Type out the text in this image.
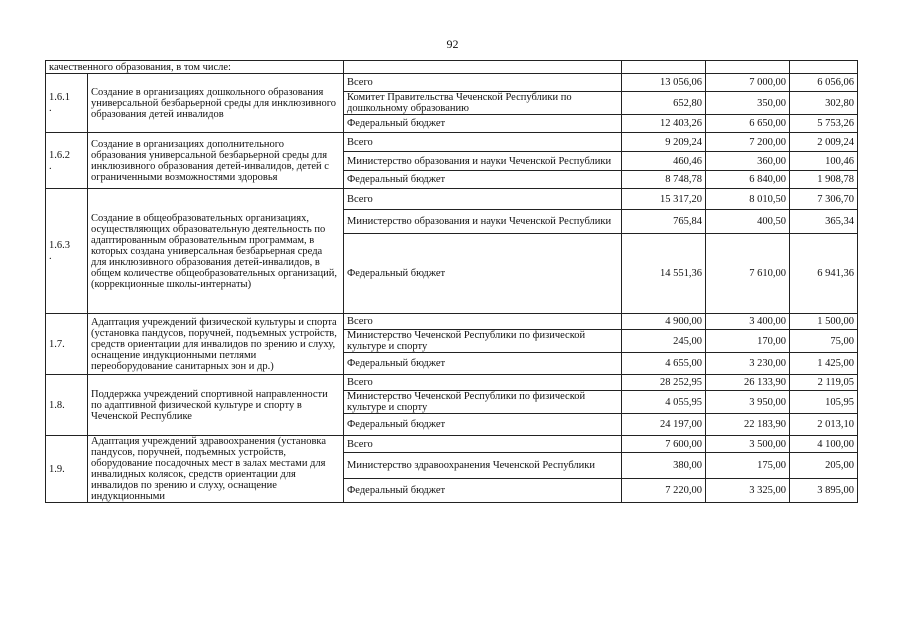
92
качественного образования, в том числе:					
1.6.1
.	Создание в организациях дошкольного образования универсальной безбарьерной среды для инклюзивного образования детей инвалидов	Всего	13 056,06	7 000,00	6 056,06
		Комитет Правительства Чеченской Республики по дошкольному образованию	652,80	350,00	302,80
		Федеральный бюджет	12 403,26	6 650,00	5 753,26
1.6.2
.	Создание в организациях дополнительного образования универсальной безбарьерной среды для инклюзивного образования детей-инвалидов, детей с ограниченными возможностями здоровья	Всего	9 209,24	7 200,00	2 009,24
		Министерство образования и науки Чеченской Республики	460,46	360,00	100,46
		Федеральный бюджет	8 748,78	6 840,00	1 908,78
1.6.3
.	Создание в общеобразовательных организациях, осуществляющих образовательную деятельность по адаптированным образовательным программам, в которых создана универсальная безбарьерная среда для инклюзивного образования детей-инвалидов, в общем количестве общеобразовательных организаций, (коррекционные школы-интернаты)	Всего	15 317,20	8 010,50	7 306,70
		Министерство образования и науки Чеченской Республики	765,84	400,50	365,34
		Федеральный бюджет	14 551,36	7 610,00	6 941,36
1.7.	Адаптация учреждений физической культуры и спорта (установка пандусов, поручней, подъемных устройств, средств ориентации для инвалидов по зрению и слуху, оснащение индукционными петлями переоборудование санитарных зон и др.)	Всего	4 900,00	3 400,00	1 500,00
		Министерство Чеченской Республики по физической культуре и спорту	245,00	170,00	75,00
		Федеральный бюджет	4 655,00	3 230,00	1 425,00
1.8.	Поддержка учреждений спортивной направленности по адаптивной физической культуре и спорту в Чеченской Республике	Всего	28 252,95	26 133,90	2 119,05
		Министерство Чеченской Республики по физической культуре и спорту	4 055,95	3 950,00	105,95
		Федеральный бюджет	24 197,00	22 183,90	2 013,10
1.9.	Адаптация учреждений здравоохранения (установка пандусов, поручней, подъемных устройств, оборудование посадочных мест в залах местами для инвалидных колясок, средств ориентации для инвалидов по зрению и слуху, оснащение индукционными	Всего	7 600,00	3 500,00	4 100,00
		Министерство здравоохранения Чеченской Республики	380,00	175,00	205,00
		Федеральный бюджет	7 220,00	3 325,00	3 895,00
